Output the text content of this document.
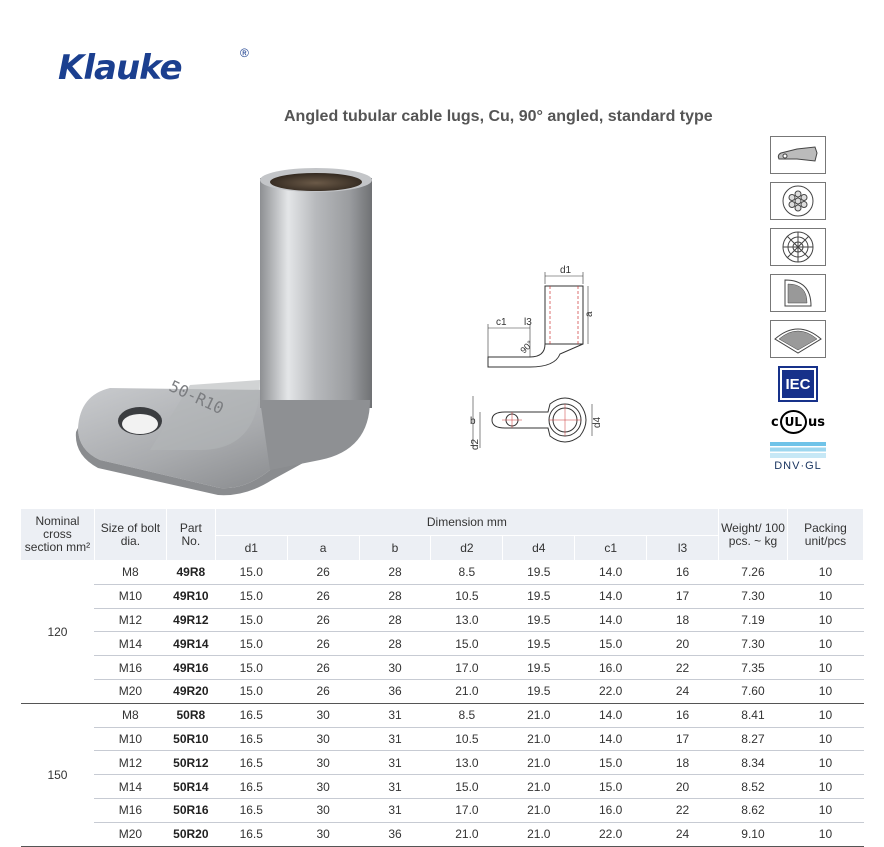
Klauke	®
Angled tubular cable lugs, Cu, 90° angled, standard type
50-R10
d1
a
90°
c1 l3
b
d2
d4
IEC
c UL us
DNV·GL
Nominal cross section mm²	Size of bolt dia.	Part No.	Dimension mm							Weight/ 100 pcs. ~ kg	Packing unit/pcs
			d1	a	b	d2	d4	c1	l3		
120	M8	49R8	15.0	26	28	8.5	19.5	14.0	16	7.26	10
	M10	49R10	15.0	26	28	10.5	19.5	14.0	17	7.30	10
	M12	49R12	15.0	26	28	13.0	19.5	14.0	18	7.19	10
	M14	49R14	15.0	26	28	15.0	19.5	15.0	20	7.30	10
	M16	49R16	15.0	26	30	17.0	19.5	16.0	22	7.35	10
	M20	49R20	15.0	26	36	21.0	19.5	22.0	24	7.60	10
150	M8	50R8	16.5	30	31	8.5	21.0	14.0	16	8.41	10
	M10	50R10	16.5	30	31	10.5	21.0	14.0	17	8.27	10
	M12	50R12	16.5	30	31	13.0	21.0	15.0	18	8.34	10
	M14	50R14	16.5	30	31	15.0	21.0	15.0	20	8.52	10
	M16	50R16	16.5	30	31	17.0	21.0	16.0	22	8.62	10
	M20	50R20	16.5	30	36	21.0	21.0	22.0	24	9.10	10
